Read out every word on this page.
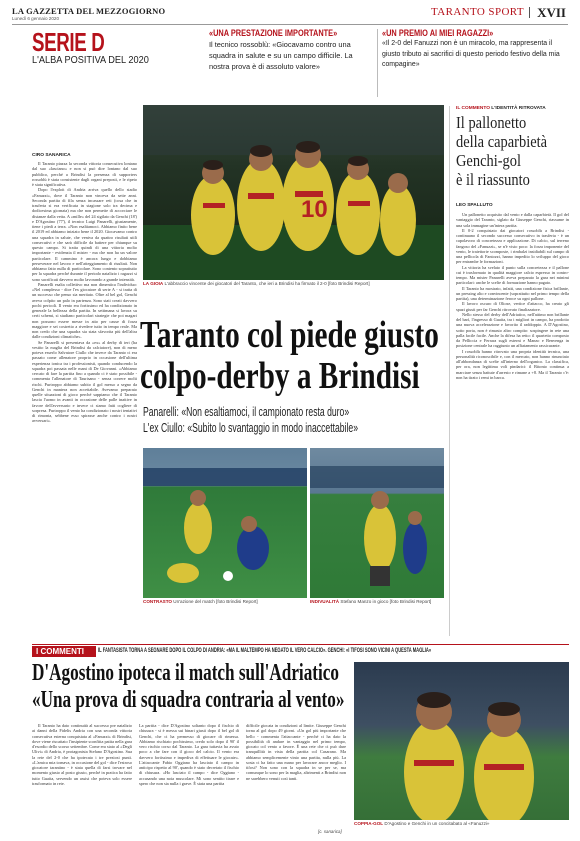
LA GAZZETTA DEL MEZZOGIORNO
Lunedì 6 gennaio 2020
TARANTO SPORT XVII
SERIE D
L'ALBA POSITIVA DEL 2020
«UNA PRESTAZIONE IMPORTANTE»
Il tecnico rossoblù: «Giocavamo contro una squadra in salute e su un campo difficile. La nostra prova è di assoluto valore»
«UN PREMIO AI MIEI RAGAZZI»
«Il 2-0 del Fanuzzi non è un miracolo, ma rappresenta il giusto tributo ai sacrifici di questo periodo festivo della mia compagine»
10
LA GIOIA L'abbraccio vincente dei giocatori del Taranto, che ieri a Brindisi ha firmato il 2-0 [foto Brindisi Report]
CIRO SANARICA

Il Taranto piazza la seconda vittoria consecutiva lontano dal suo «lasciano» e non si può dire lontano dal suo pubblico, perché a Brindisi la presenza di supporters rossoblù è stata consistente dagli organi preposti, e le ripeto è stata significativa.

Dopo l'exploit di Andria arriva quello dello stadio «Fanuzzi», dove il Taranto non vinceva da sette anni. Seconda partita di fila senza incassare reti (cosa che in trasferta si era verificata in stagione solo tra decima e dodicesima giornata) ma che non permette di accorciare le distanze dalla vetta. A «mille» del 24 sigilato da Genchi (18') e D'Agostino (77'), il tecnico Luigi Panarelli, giustamente, tiene i piedi a terra. «Non esaltiamoci. Abbiamo finito bene il 2019 ed abbiamo iniziato bene il 2020. Giocavamo contro una squadra in salute, che veniva da quattro risultati utili consecutivi e che sarà difficile da battere per chiunque su questo campo. Si tratta quindi di una vittoria molto importante - evidenzia il mister - ma che non ha un valore particolare. Il cammino è ancora lungo e dobbiamo perseverare nel lavoro e nell'atteggiamento di risultati. Non abbiamo fatto nulla di particolare. Sono contento soprattutto per la squadra perché durante il periodo natalizio i ragazzi si sono sacrificati davvero molto lavorando a grande intensità.

Panarelli esalta collettivo ma non dimentica l'individuo: «Nel complesso - dice l'ex giocatore di serie A - si tratta di un successo che penso sia meritato. Oltre al bel gol, Genchi aveva colpito un palo in partenza. Sono stati creati davvero pochi pericoli. Il vento era fortissimo ed ha condizionato in generale la bellezza della partita. In settimana si lavora su certi schemi, si studiano particolari strategie che poi magari non possono essere messe in atto per cause di forza maggiore e sei costretto a rivedere tutto in tempo reale. Ma non credo che una squadra sia stata sfavorita più dell'altra dalle condizioni climatiche».

Se Panarelli si presentava da «ex» al derby di ieri (ha vestito la maglia del Brindisi da calciatore), non di meno poteva esserlo Salvatore Ciullo che invece da Taranto ci era passato come allenatore proprio in occasione dell'ultima esperienza ionica tra i professionisti, quando conducendo la squadra poi passata nelle mani di De Giovanni. «Abbiamo cercato di fare la partita fino a quando ci è stato possibile - commenta l'allenatore di Taurisano - senza correre molti rischi. Purtroppo abbiamo subito il gol messo a segno da Genchi in maniera non accettabile. Avevamo preparato quelle situazioni di gioco perché sappiamo che il Taranto lascia l'uomo in avanti in occasione delle palle inattive in favore dell'avversario e invece ci siamo fatti cogliere di sorpresa. Purtroppo il vento ha condizionato i nostri tentativi di rimonta, sebbene esso spirasse anche contro i nostri avversari».

Taranto col piede giusto
colpo-derby a Brindisi
Panarelli: «Non esaltiamoci, il campionato resta duro»
L'ex Ciullo: «Subito lo svantaggio in modo inaccettabile»
CONTRASTO Un'azione del match [foto Brindisi Report]	INDIVUALITÀ Stefano Manzo in gioco [foto Brindisi Report]
IL COMMENTO L'IDENTITÀ RITROVATA
Il pallonetto
della caparbietà
Genchi-gol
è il riassunto
LEO SPALLUTO

Un pallonetto acquisito dal vento e dalla caparbietà. Il gol del vantaggio del Taranto, siglato da Giuseppe Genchi, riassume in una sola immagine un'intera partita.

Il 0-2 conquistato dai giocatori rossoblù a Brindisi - continuano il secondo successo consecutivo in trasferta - è un capolavoro di concretezza e applicazione. Di calcio, sul terreno fangoso del «Fanuzzi», se n'è visto poco: la forza imponente del vento, le traiettorie scomposte, i rimbalzi insidiabili sul campo di una pellicola di Fantozzi, hanno impedito lo sviluppo del gioco per entrambe le formazioni.

La vittoria ha svelato il punto sulla concretezza e il pallone cui è trasformato in qualità maggiore calcio espresso in contro-tempo. Ma mister Panarelli aveva preparato la gara nei minimi particolari: anche le scelte di formazione hanno pagato.

Il Taranto ha mostrato, infatti, una condizione fisica brillante, un pressing alto e convincente (soprattutto nel primo tempo della partita), una determinazione feroce su ogni pallone.

Il lavoro oscuro di Oliose, vertice d'attacco, ha creato gli spazi giusti per far Genchi ritrovato finalizzatore.

Nello stesso del derby dell'Adriatico, nell'attimo non brillante del barì, l'ingresso di Guaita, tra i migliori in campo, ha prodotto una nuova accelerazione e favorito il raddoppio. A D'Agostino, sotto porta, non è rimasto altro compito: sospingere in rete una palla facile facile. Anche la difesa ha retto: il quartetto composto da Pelliccia e Ferrara sugli esterni e Manzo e Benvenga in posizione centrale ha raggiunto un affiatamento rassicurante.

I rossoblù hanno ritrovato una propria identità tecnica, una personalità riconoscibile e, con il mercato, non hanno rinunciato all'abbondanza di scelte all'interno dell'organico. La classifica, per ora, non legittima voli pindarici: il Bitonto continua a marciare senza battute d'arresto e rimane a +8. Ma il Taranto c'è: non ha tirato i remi in barca.

I COMMENTI	IL FANTASISTA TORNA A SEGNARE DOPO IL COLPO DI ANDRIA: «MA IL MALTEMPO HA NEGATO IL VERO CALCIO». GENCHI: «I TIFOSI SONO VICINI A QUESTA MAGLIA»
D'Agostino ipoteca il match sull'Adriatico
«Una prova di squadra contraria al vento»

Il Taranto ha dato continuità al successo pre natalizio ai danni della Fidelis Andria con una seconda vittoria consecutiva esterna conquistata al «Fanuzzi» di Brindisi, dove viene riscattato l'insipiente sconfitta patita nella gara d'esordio dello scorso settembre. Come era stato al «Degli Ulivi» di Andria, è protagonista Stefano D'Agostino. Sua la rete del 2-0 che ha ipotecato i tre preziosi punti. «L'amica mia tornava, in occasione del gol - dice l'estroso giocatore tarantino - è stata quella di farsi trovare nel momento giusto al posto giusto, perché in pratica ha fatto tutto Guaita, servendo un assist che poteva solo essere trasformato in rete.

La partita - dice D'Agostino soltanto dopo il fischio di chiusura - si è messa sui binari giusti dopo il bel gol di Genchi, che ci ha permesso di giocare di rimessa. Abbiamo rischiato pochissimo, credo solo dopo il 90' il vero rischio corso dal Taranto. La gara tuttavia ha avuto poco a che fare con il gioco del calcio. Il vento era davvero fortissimo e impediva di effettuare le giocate». L'attaccante Fabio Oggiano ha lasciato il campo in anticipo rispetto al 90', quando è stato decretato il fischio di chiusura. «Ho lasciato il campo - dice Oggiano - accusando una noia muscolare. Mi sono sentito tirare e spero che non sia nulla i grave. È stata una partita

difficile giocata in condizioni al limite. Giuseppe Genchi torna al gol dopo 49 giorni. «Un gol più importante che bello - commenta l'attaccante - perché ci ha dato la possibilità di andare in vantaggio nel primo tempo, giocato col vento a favore. È una rete che ci può dare tranquillità in vista della partita col Casarano. Ma abbiamo semplicemente vinto una partita, nulla più. La sosta ci ha fatto una mano per lavorare ancor meglio. I tifosi? Non sono con la squadra in se per se, ma comunque lo sono per la maglia, altrimenti a Brindisi non ne sarebbero venuti così tanti.

[c. sanarica]
COPPIA-GOL D'Agostino e Genchi in un concitabato al «Fanuzzi»
